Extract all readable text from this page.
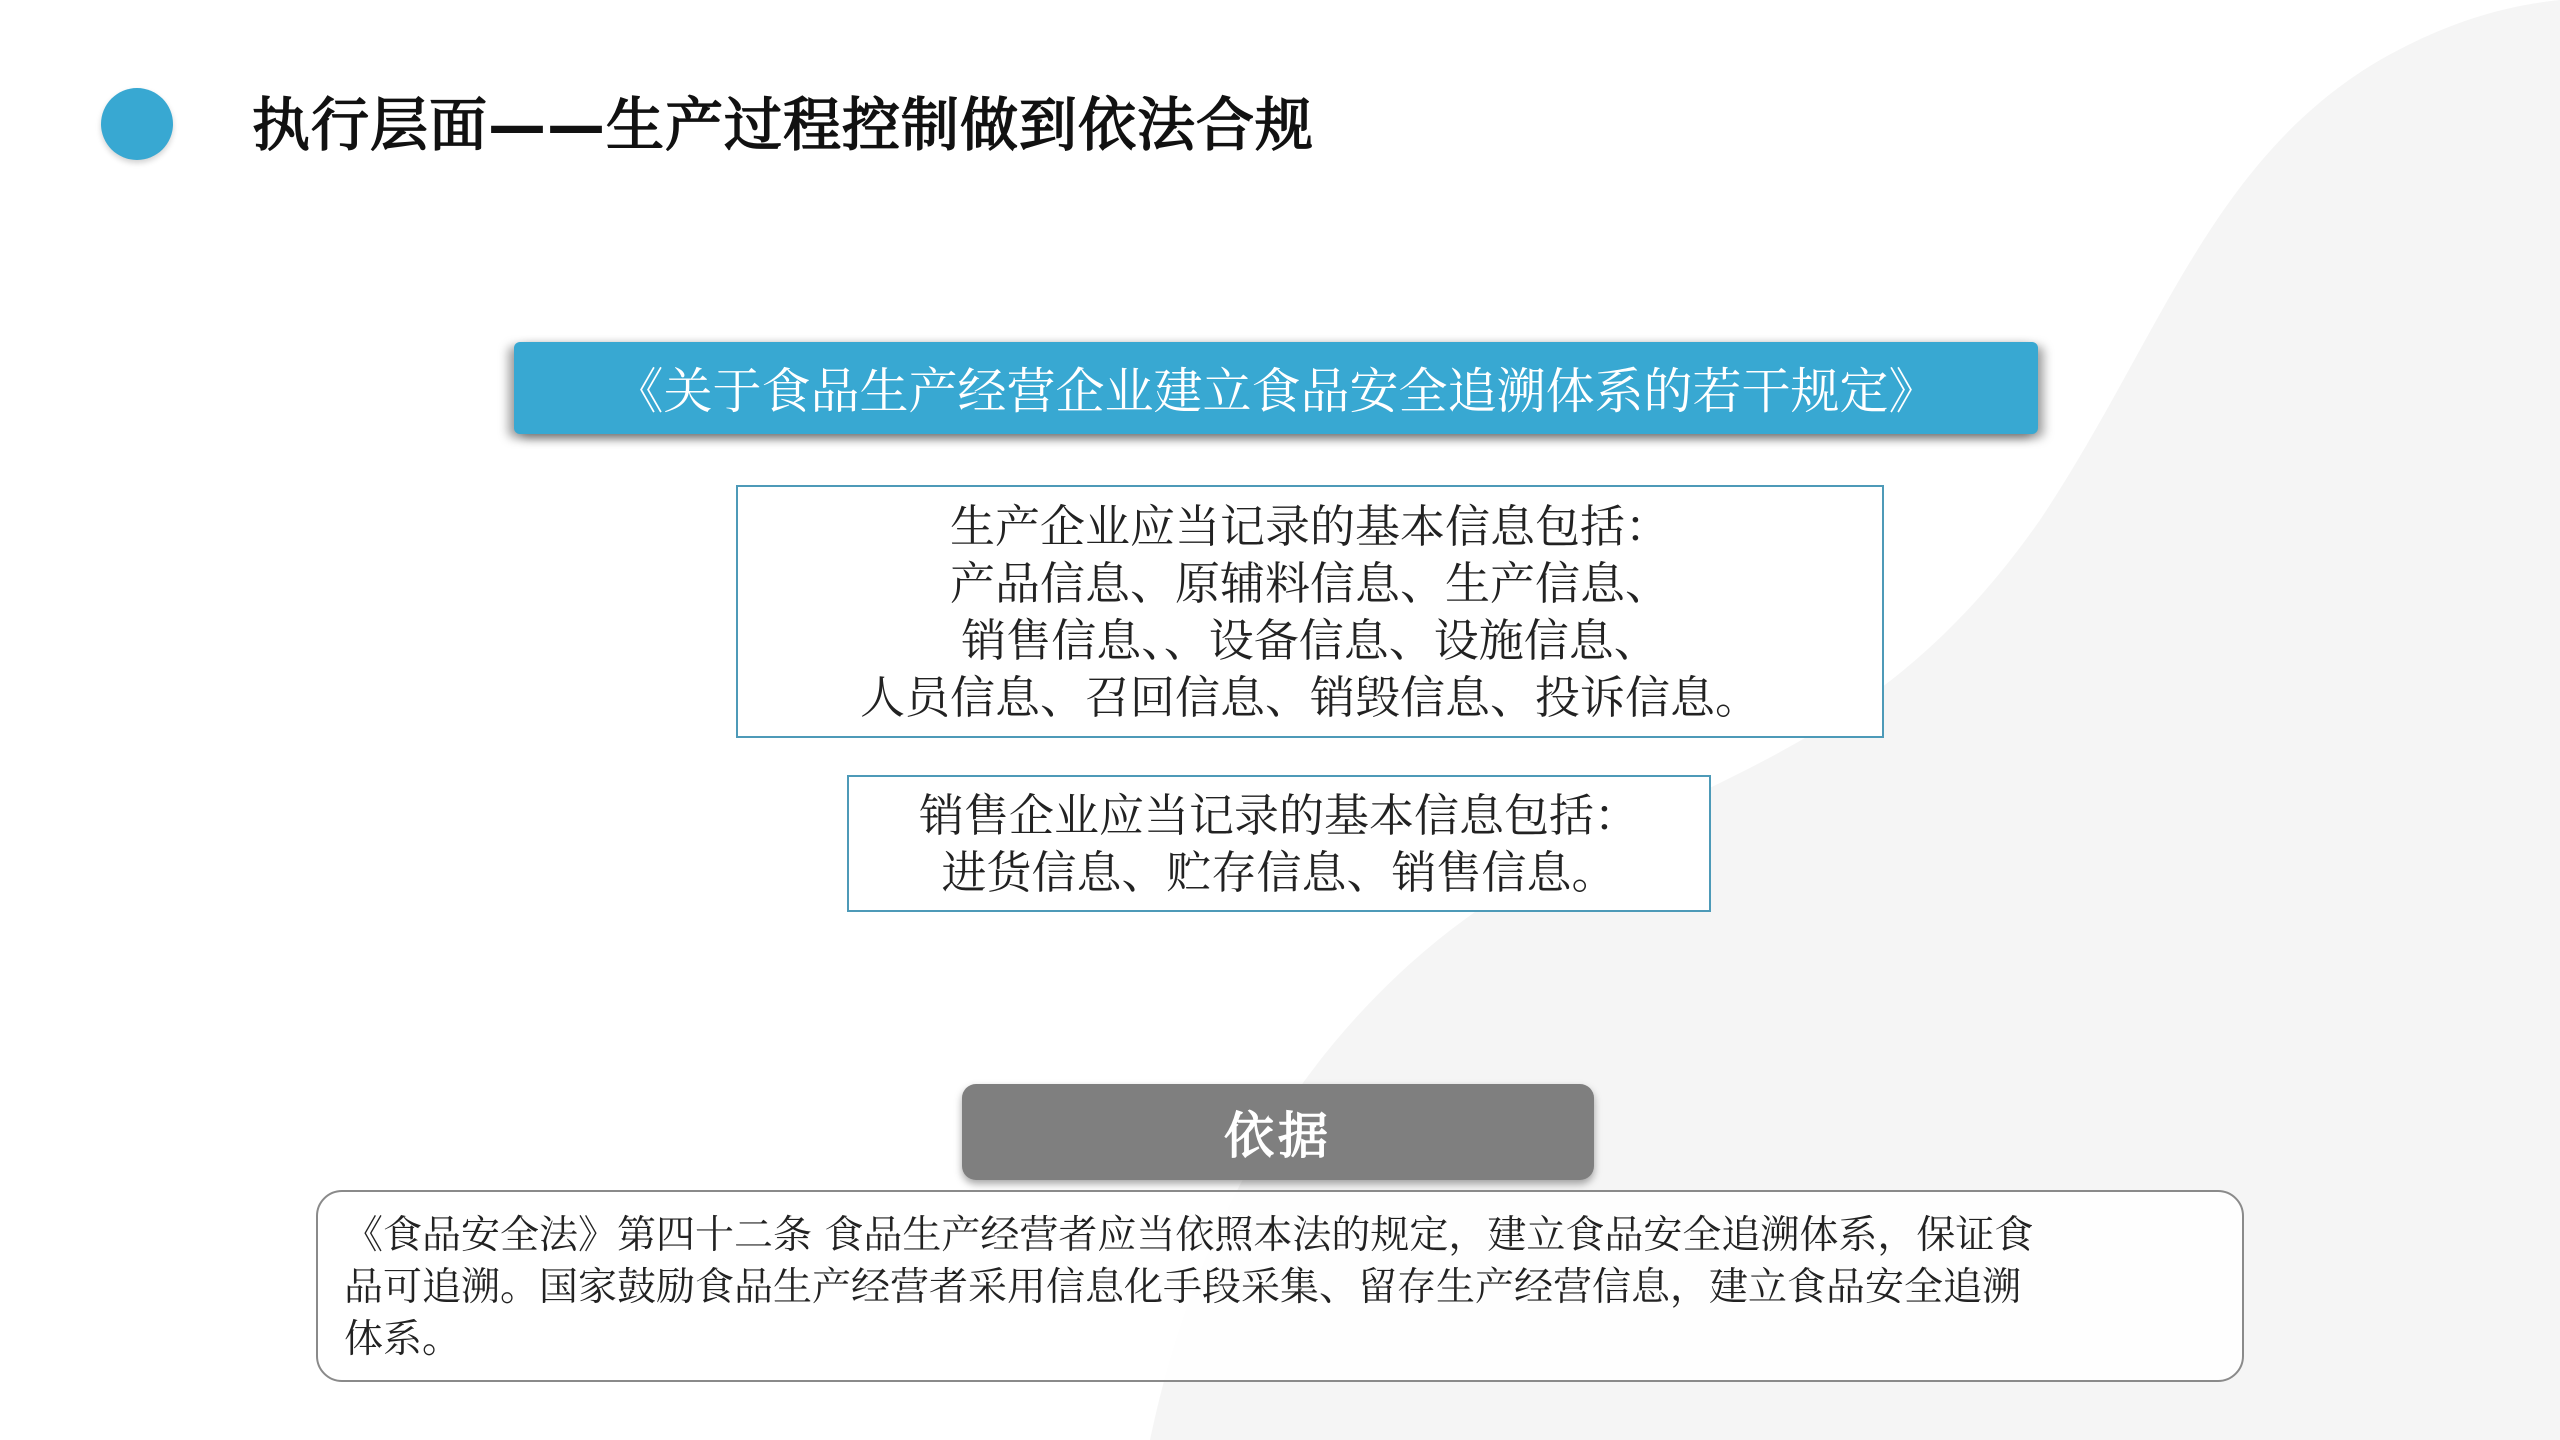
执行层面——生产过程控制做到依法合规
《关于食品生产经营企业建立食品安全追溯体系的若干规定》
生产企业应当记录的基本信息包括：
产品信息、原辅料信息、生产信息、
销售信息、、设备信息、设施信息、
人员信息、召回信息、销毁信息、投诉信息。
销售企业应当记录的基本信息包括：
进货信息、贮存信息、销售信息。
依据
《食品安全法》第四十二条 食品生产经营者应当依照本法的规定，建立食品安全追溯体系，保证食
品可追溯。国家鼓励食品生产经营者采用信息化手段采集、留存生产经营信息，建立食品安全追溯
体系。
